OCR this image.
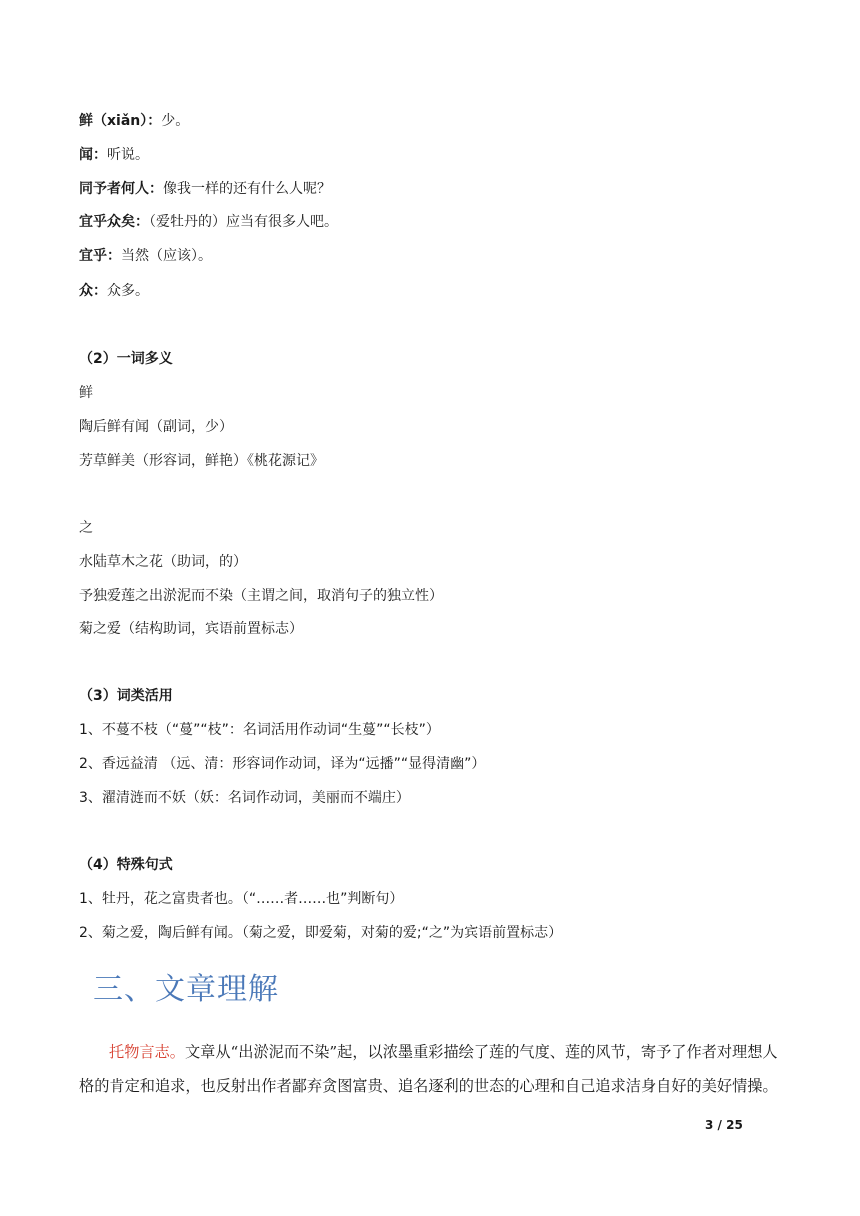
鲜（xiǎn）：少。
闻：听说。
同予者何人：像我一样的还有什么人呢？
宜乎众矣：（爱牡丹的）应当有很多人吧。
宜乎：当然（应该）。
众：众多。
（2）一词多义
鲜
陶后鲜有闻（副词，少）
芳草鲜美（形容词，鲜艳）《桃花源记》
之
水陆草木之花（助词，的）
予独爱莲之出淤泥而不染（主谓之间，取消句子的独立性）
菊之爱（结构助词，宾语前置标志）
（3）词类活用
1、不蔓不枝（“蔓”“枝”：名词活用作动词“生蔓”“长枝”）
2、香远益清 （远、清：形容词作动词，译为“远播”“显得清幽”）
3、濯清涟而不妖（妖：名词作动词，美丽而不端庄）
（4）特殊句式
1、牡丹，花之富贵者也。（“……者……也”判断句）
2、菊之爱，陶后鲜有闻。（菊之爱，即爱菊，对菊的爱;“之”为宾语前置标志）
三、文章理解
托物言志。文章从“出淤泥而不染”起，以浓墨重彩描绘了莲的气度、莲的风节，寄予了作者对理想人格的肯定和追求，也反射出作者鄙弃贪图富贵、追名逐利的世态的心理和自己追求洁身自好的美好情操。
3 / 25
